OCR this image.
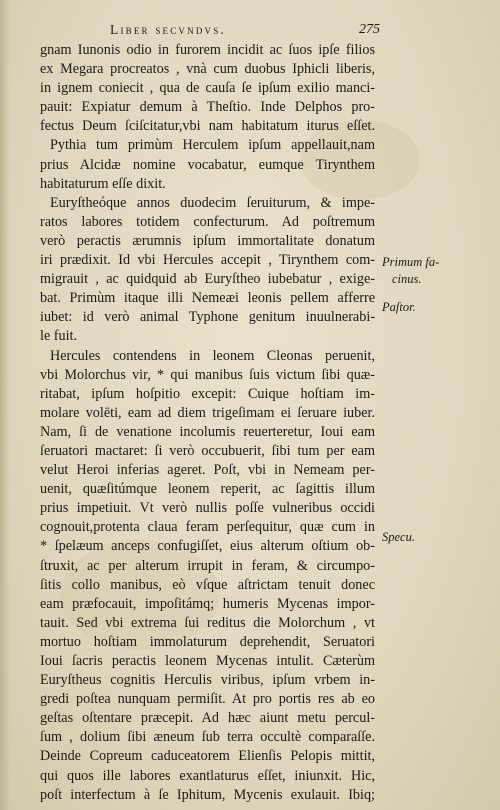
Liber secvndvs.	275
gnam Iunonis odio in furorem incidit ac ſuos ipſe filios
ex Megara procreatos , vnà cum duobus Iphicli liberis,
in ignem coniecit , qua de cauſa ſe ipſum exilio manci-
pauit: Expiatur demum à Theſtio. Inde Delphos pro-
fectus Deum ſciſcitatur,vbi nam habitatum iturus eſſet.
Pythia tum primùm Herculem ipſum appellauit,nam
prius Alcidæ nomine vocabatur, eumque Tirynthem
habitaturum eſſe dixit.
Euryſtheóque annos duodecim ſeruiturum, & impe-
ratos labores totidem confecturum. Ad poſtremum
verò peractis ærumnis ipſum immortalitate donatum
iri prædixit. Id vbi Hercules accepit , Tirynthem com-
migrauit , ac quidquid ab Euryſtheo iubebatur , exige-
bat. Primùm itaque illi Nemeæi leonis pellem afferre
iubet: id verò animal Typhone genitum inuulnerabi-
le fuit.
Hercules contendens in leonem Cleonas peruenit,
vbi Molorchus vir, * qui manibus ſuis victum ſibi quæ-
ritabat, ipſum hoſpitio excepit: Cuique hoſtiam im-
molare volēti, eam ad diem trigeſimam ei ſeruare iuber.
Nam, ſi de venatione incolumis reuerteretur, Ioui eam
ſeruatori mactaret: ſi verò occubuerit, ſibi tum per eam
velut Heroi inferias ageret. Poſt, vbi in Nemeam per-
uenit, quæſitúmque leonem reperit, ac ſagittis illum
prius impetiuit. Vt verò nullis poſſe vulneribus occidi
cognouit,protenta claua feram perſequitur, quæ cum in
* ſpelæum anceps confugiſſet, eius alterum oſtium ob-
ſtruxit, ac per alterum irrupit in feram, & circumpo-
ſitis collo manibus, eò vſque aſtrictam tenuit donec
eam præfocauit, impoſitámq; humeris Mycenas impor-
tauit. Sed vbi extrema ſui reditus die Molorchum , vt
mortuo hoſtiam immolaturum deprehendit, Seruatori
Ioui ſacris peractis leonem Mycenas intulit. Cæterùm
Euryſtheus cognitis Herculis viribus, ipſum vrbem in-
gredi poſtea nunquam permiſit. At pro portis res ab eo
geſtas oſtentare præcepit. Ad hæc aiunt metu percul-
ſum , dolium ſibi æneum ſub terra occultè comparaſſe.
Deinde Copreum caduceatorem Elienſis Pelopis mittit,
qui quos ille labores exantlaturus eſſet, iniunxit. Hic,
poſt interfectum à ſe Iphitum, Mycenis exulauit. Ibiq;
Primum fa-
cinus.
Paſtor.
Specu.
